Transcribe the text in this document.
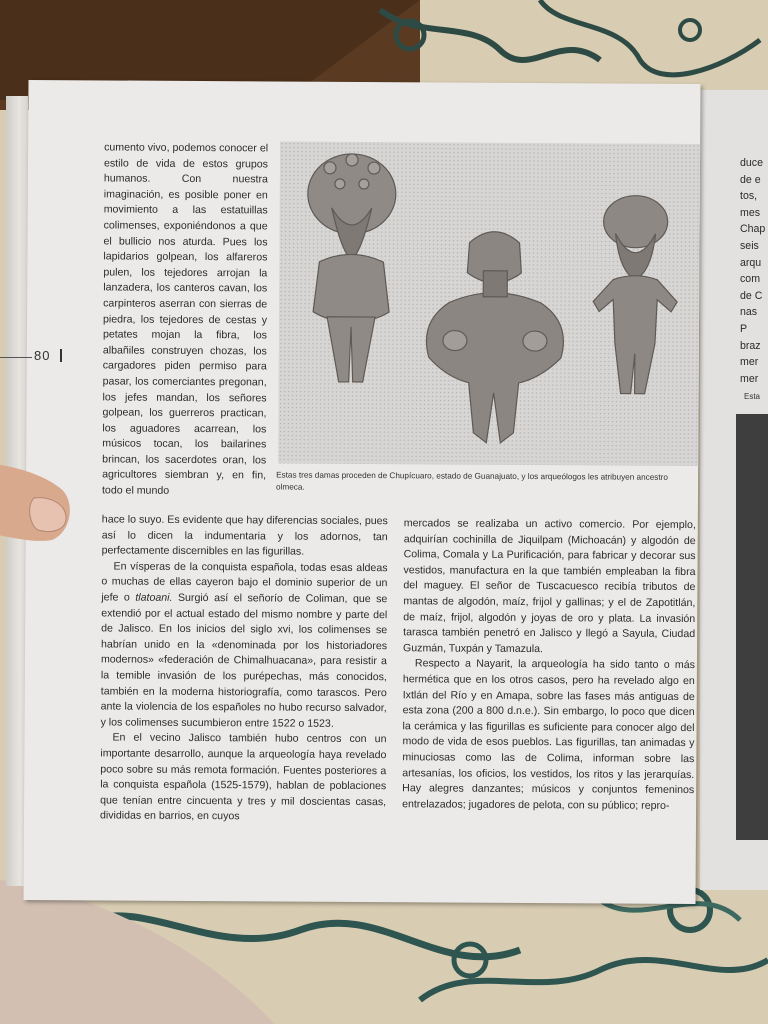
duce
de e
tos,
mes
Chap
seis
arqu
com
de C
nas
P
braz
mer
mer
Esta

cumento vivo, podemos conocer el estilo de vida de estos grupos humanos. Con nuestra imaginación, es posible poner en movimiento a las estatuillas colimenses, exponiéndonos a que el bullicio nos aturda. Pues los lapidarios golpean, los alfareros pulen, los tejedores arrojan la lanzadera, los canteros cavan, los carpinteros aserran con sierras de piedra, los tejedores de cestas y petates mojan la fibra, los albañiles construyen chozas, los cargadores piden permiso para pasar, los comerciantes pregonan, los jefes mandan, los señores golpean, los guerreros practican, los aguadores acarrean, los músicos tocan, los bailarines brincan, los sacerdotes oran, los agricultores siembran y, en fin, todo el mundo

Estas tres damas proceden de Chupícuaro, estado de Guanajuato, y los arqueólogos les atribuyen ancestro olmeca.

hace lo suyo. Es evidente que hay diferencias sociales, pues así lo dicen la indumentaria y los adornos, tan perfectamente discernibles en las figurillas.

En vísperas de la conquista española, todas esas aldeas o muchas de ellas cayeron bajo el dominio superior de un jefe o tlatoani. Surgió así el señorío de Coliman, que se extendió por el actual estado del mismo nombre y parte del de Jalisco. En los inicios del siglo xvi, los colimenses se habrían unido en la «denominada por los historiadores modernos» «federación de Chimalhuacana», para resistir a la temible invasión de los purépechas, más conocidos, también en la moderna historiografía, como tarascos. Pero ante la violencia de los españoles no hubo recurso salvador, y los colimenses sucumbieron entre 1522 o 1523.

En el vecino Jalisco también hubo centros con un importante desarrollo, aunque la arqueología haya revelado poco sobre su más remota formación. Fuentes posteriores a la conquista española (1525-1579), hablan de poblaciones que tenían entre cincuenta y tres y mil doscientas casas, divididas en barrios, en cuyos

mercados se realizaba un activo comercio. Por ejemplo, adquirían cochinilla de Jiquilpam (Michoacán) y algodón de Colima, Comala y La Purificación, para fabricar y decorar sus vestidos, manufactura en la que también empleaban la fibra del maguey. El señor de Tuscacuesco recibía tributos de mantas de algodón, maíz, frijol y gallinas; y el de Zapotitlán, de maíz, frijol, algodón y joyas de oro y plata. La invasión tarasca también penetró en Jalisco y llegó a Sayula, Ciudad Guzmán, Tuxpán y Tamazula.

Respecto a Nayarit, la arqueología ha sido tanto o más hermética que en los otros casos, pero ha revelado algo en Ixtlán del Río y en Amapa, sobre las fases más antiguas de esta zona (200 a 800 d.n.e.). Sin embargo, lo poco que dicen la cerámica y las figurillas es suficiente para conocer algo del modo de vida de esos pueblos. Las figurillas, tan animadas y minuciosas como las de Colima, informan sobre las artesanías, los oficios, los vestidos, los ritos y las jerarquías. Hay alegres danzantes; músicos y conjuntos femeninos entrelazados; jugadores de pelota, con su público; repro-

80
